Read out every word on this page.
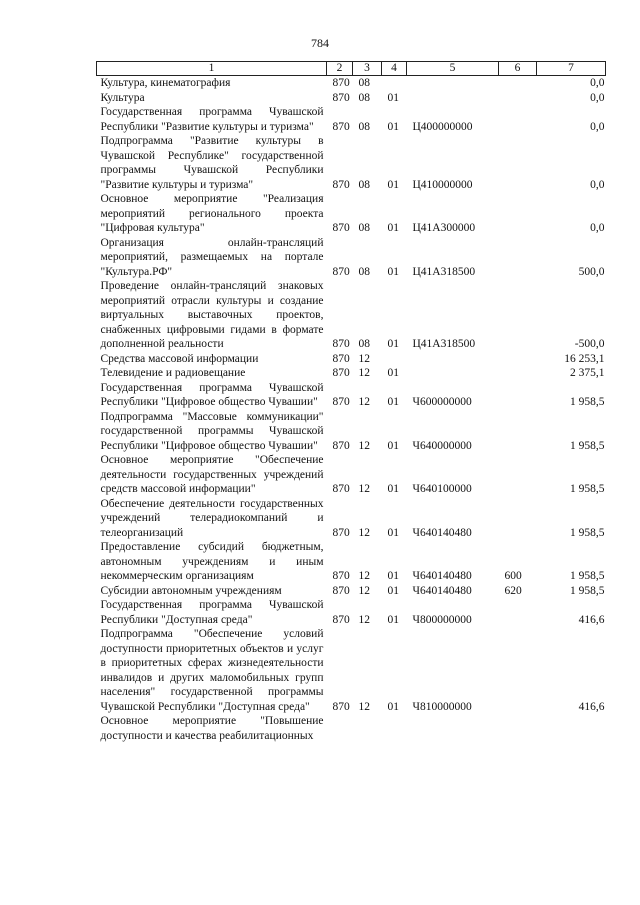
784
1	2	3	4	5	6	7
Культура, кинематография	870	08				0,0
Культура	870	08	01			0,0
Государственная программа Чувашской Республики "Развитие культуры и туризма"	870	08	01	Ц400000000		0,0
Подпрограмма "Развитие культуры в Чувашской Республике" государственной программы Чувашской Республики "Развитие культуры и туризма"	870	08	01	Ц410000000		0,0
Основное мероприятие "Реализация мероприятий регионального проекта "Цифровая культура"	870	08	01	Ц41А300000		0,0
Организация онлайн-трансляций мероприятий, размещаемых на портале "Культура.РФ"	870	08	01	Ц41А318500		500,0
Проведение онлайн-трансляций знаковых мероприятий отрасли культуры и создание виртуальных выставочных проектов, снабженных цифровыми гидами в формате дополненной реальности	870	08	01	Ц41А318500		-500,0
Средства массовой информации	870	12				16 253,1
Телевидение и радиовещание	870	12	01			2 375,1
Государственная программа Чувашской Республики "Цифровое общество Чувашии"	870	12	01	Ч600000000		1 958,5
Подпрограмма "Массовые коммуникации" государственной программы Чувашской Республики "Цифровое общество Чувашии"	870	12	01	Ч640000000		1 958,5
Основное мероприятие "Обеспечение деятельности государственных учреждений средств массовой информации"	870	12	01	Ч640100000		1 958,5
Обеспечение деятельности государственных учреждений телерадиокомпаний и телеорганизаций	870	12	01	Ч640140480		1 958,5
Предоставление субсидий бюджетным, автономным учреждениям и иным некоммерческим организациям	870	12	01	Ч640140480	600	1 958,5
Субсидии автономным учреждениям	870	12	01	Ч640140480	620	1 958,5
Государственная программа Чувашской Республики "Доступная среда"	870	12	01	Ч800000000		416,6
Подпрограмма "Обеспечение условий доступности приоритетных объектов и услуг в приоритетных сферах жизнедеятельности инвалидов и других маломобильных групп населения" государственной программы Чувашской Республики "Доступная среда"	870	12	01	Ч810000000		416,6
Основное мероприятие "Повышение доступности и качества реабилитационных						
